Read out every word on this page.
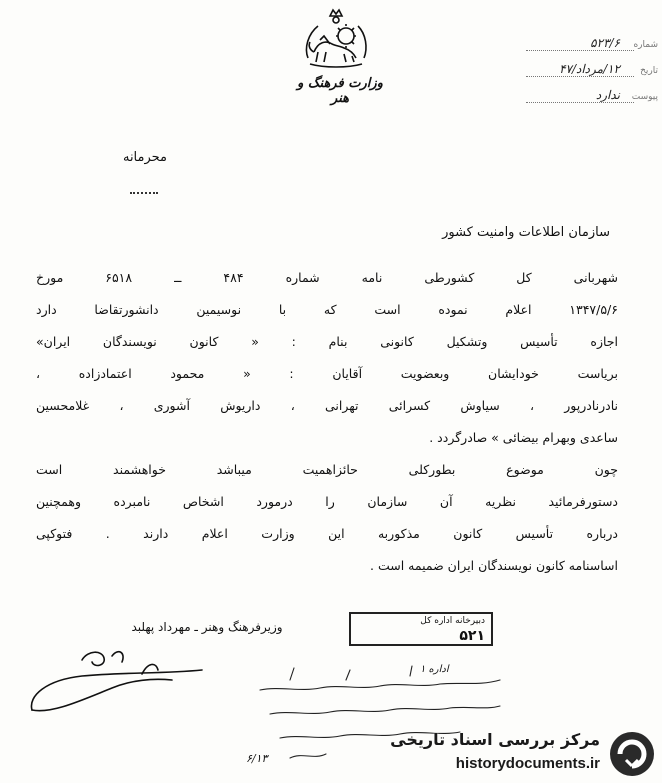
وزارت فرهنگ و هنر
شماره
۵۲۳/۶
تاریخ
۱۲/مرداد/۴۷
پیوست
ندارد
محرمانه
سازمان اطلاعات وامنیت کشور
شهربانی کل کشورطی نامه شماره ۴۸۴ ــ ۶۵۱۸ مورخ
۱۳۴۷/۵/۶ اعلام نموده است که با نوسیمین دانشورتقاضا دارد
اجازه تأسیس وتشکیل کانونی بنام : « کانون نویسندگان ایران»
بریاست خودایشان وبعضویت آقایان : « محمود اعتمادزاده ،
نادرنادرپور ، سیاوش کسرائی تهرانی ، داریوش آشوری ، غلامحسین
ساعدی وبهرام بیضائی » صادرگردد .
چون موضوع بطورکلی حائزاهمیت میباشد خواهشمند است
دستورفرمائید نظریه آن سازمان را درمورد اشخاص نامبرده وهمچنین
درباره تأسیس کانون مذکوربه این وزارت اعلام دارند . فتوکپی
اساسنامه کانون نویسندگان ایران ضمیمه است .
وزیرفرهنگ وهنر ـ مهرداد پهلبد	دبیرخانه اداره کل
۵۲۱
اداره ۱
۶/۱۳
مرکز بررسی اسناد تاریخی
historydocuments.ir
